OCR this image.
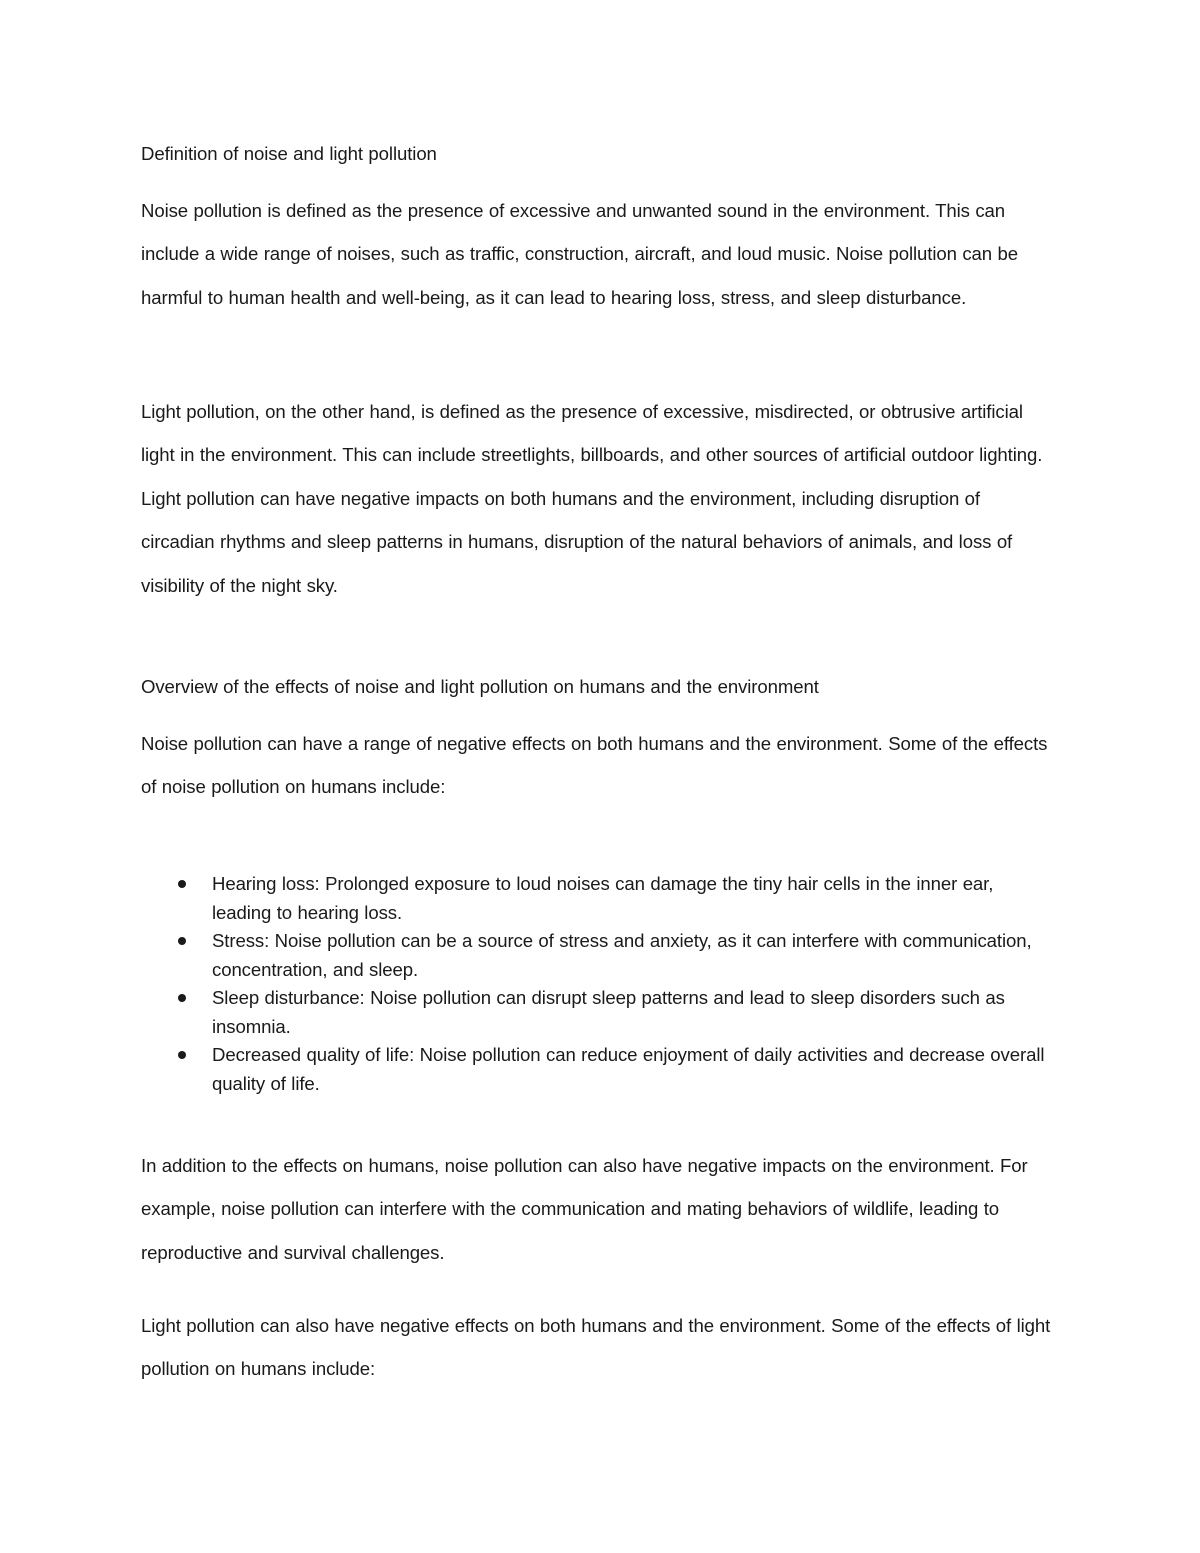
Definition of noise and light pollution

Noise pollution is defined as the presence of excessive and unwanted sound in the environment. This can include a wide range of noises, such as traffic, construction, aircraft, and loud music. Noise pollution can be harmful to human health and well-being, as it can lead to hearing loss, stress, and sleep disturbance.

Light pollution, on the other hand, is defined as the presence of excessive, misdirected, or obtrusive artificial light in the environment. This can include streetlights, billboards, and other sources of artificial outdoor lighting. Light pollution can have negative impacts on both humans and the environment, including disruption of circadian rhythms and sleep patterns in humans, disruption of the natural behaviors of animals, and loss of visibility of the night sky.

Overview of the effects of noise and light pollution on humans and the environment

Noise pollution can have a range of negative effects on both humans and the environment. Some of the effects of noise pollution on humans include:

Hearing loss: Prolonged exposure to loud noises can damage the tiny hair cells in the inner ear, leading to hearing loss.
Stress: Noise pollution can be a source of stress and anxiety, as it can interfere with communication, concentration, and sleep.
Sleep disturbance: Noise pollution can disrupt sleep patterns and lead to sleep disorders such as insomnia.
Decreased quality of life: Noise pollution can reduce enjoyment of daily activities and decrease overall quality of life.

In addition to the effects on humans, noise pollution can also have negative impacts on the environment. For example, noise pollution can interfere with the communication and mating behaviors of wildlife, leading to reproductive and survival challenges.

Light pollution can also have negative effects on both humans and the environment. Some of the effects of light pollution on humans include:
